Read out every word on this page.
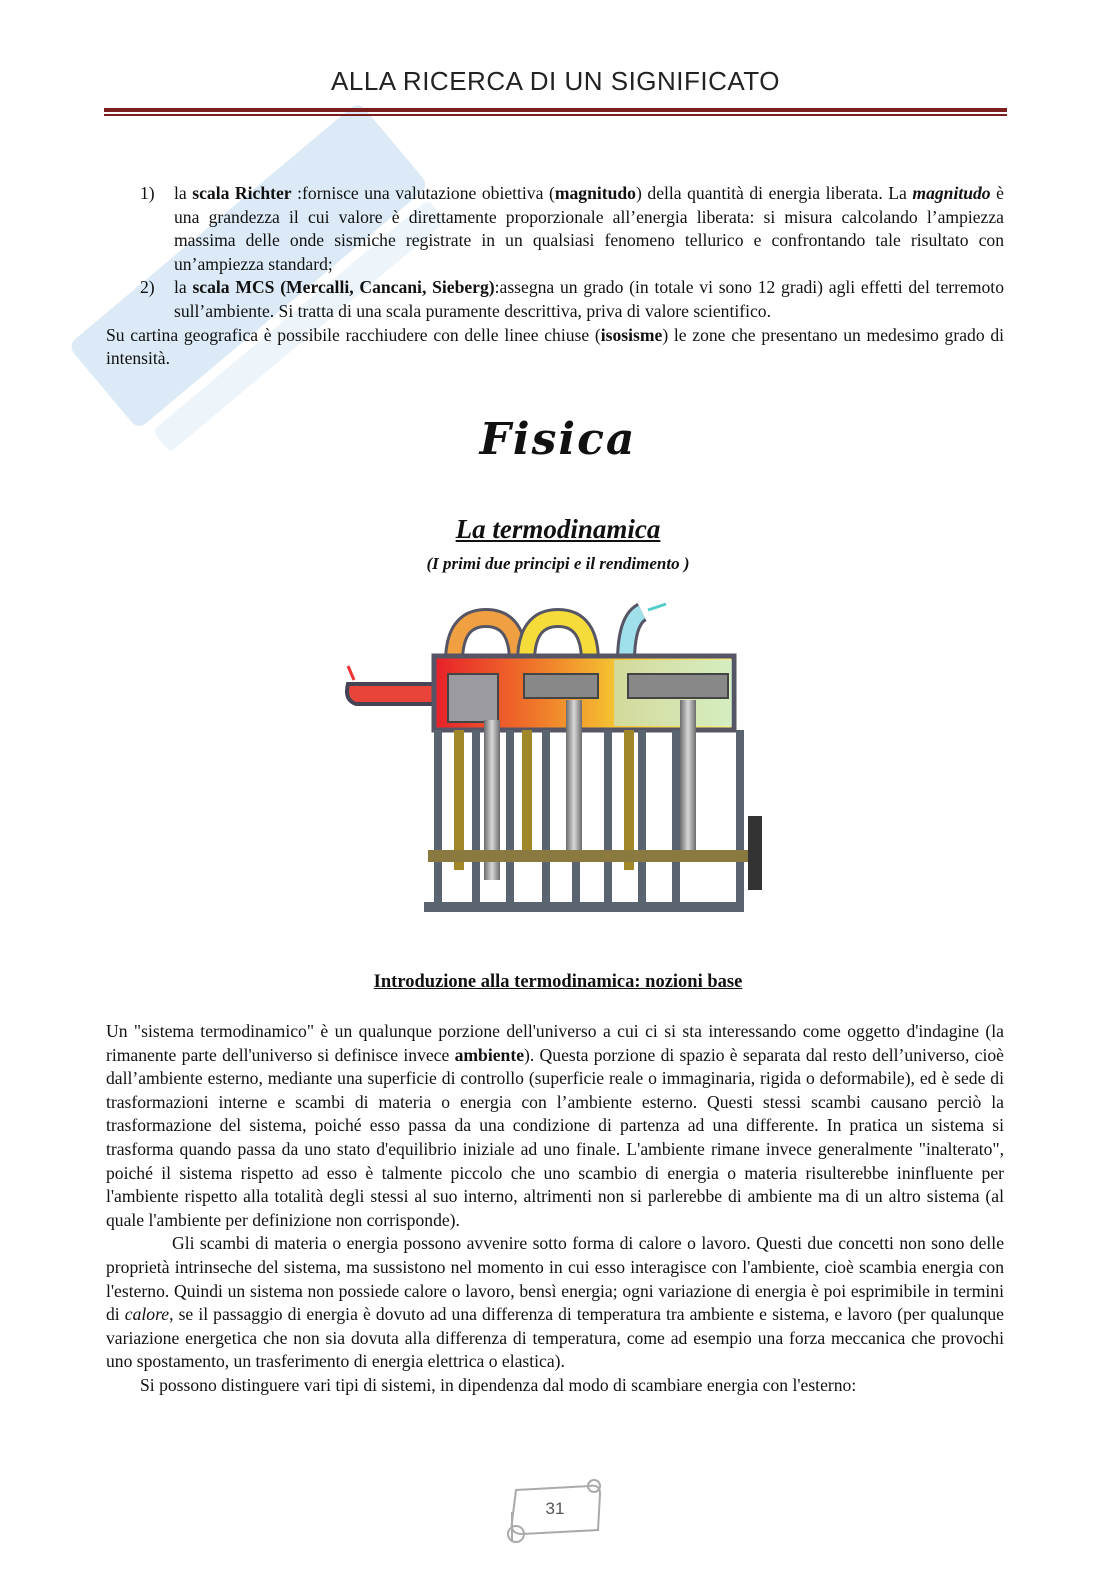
ALLA RICERCA DI UN SIGNIFICATO
1) la scala Richter :fornisce una valutazione obiettiva (magnitudo) della quantità di energia liberata. La magnitudo è una grandezza il cui valore è direttamente proporzionale all’energia liberata: si misura calcolando l’ampiezza massima delle onde sismiche registrate in un qualsiasi fenomeno tellurico e confrontando tale risultato con un’ampiezza standard;
2) la scala MCS (Mercalli, Cancani, Sieberg):assegna un grado (in totale vi sono 12 gradi) agli effetti del terremoto sull’ambiente. Si tratta di una scala puramente descrittiva, priva di valore scientifico.
Su cartina geografica è possibile racchiudere con delle linee chiuse (isosisme) le zone che presentano un medesimo grado di intensità.
Fisica
La termodinamica
(I primi due principi e il rendimento )
Introduzione alla termodinamica: nozioni base
Un "sistema termodinamico" è un qualunque porzione dell'universo a cui ci si sta interessando come oggetto d'indagine (la rimanente parte dell'universo si definisce invece ambiente). Questa porzione di spazio è separata dal resto dell’universo, cioè dall’ambiente esterno, mediante una superficie di controllo (superficie reale o immaginaria, rigida o deformabile), ed è sede di trasformazioni interne e scambi di materia o energia con l’ambiente esterno. Questi stessi scambi causano perciò la trasformazione del sistema, poiché esso passa da una condizione di partenza ad una differente. In pratica un sistema si trasforma quando passa da uno stato d'equilibrio iniziale ad uno finale. L'ambiente rimane invece generalmente "inalterato", poiché il sistema rispetto ad esso è talmente piccolo che uno scambio di energia o materia risulterebbe ininfluente per l'ambiente rispetto alla totalità degli stessi al suo interno, altrimenti non si parlerebbe di ambiente ma di un altro sistema (al quale l'ambiente per definizione non corrisponde).
Gli scambi di materia o energia possono avvenire sotto forma di calore o lavoro. Questi due concetti non sono delle proprietà intrinseche del sistema, ma sussistono nel momento in cui esso interagisce con l'ambiente, cioè scambia energia con l'esterno. Quindi un sistema non possiede calore o lavoro, bensì energia; ogni variazione di energia è poi esprimibile in termini di calore, se il passaggio di energia è dovuto ad una differenza di temperatura tra ambiente e sistema, e lavoro (per qualunque variazione energetica che non sia dovuta alla differenza di temperatura, come ad esempio una forza meccanica che provochi uno spostamento, un trasferimento di energia elettrica o elastica).
Si possono distinguere vari tipi di sistemi, in dipendenza dal modo di scambiare energia con l'esterno:
31
